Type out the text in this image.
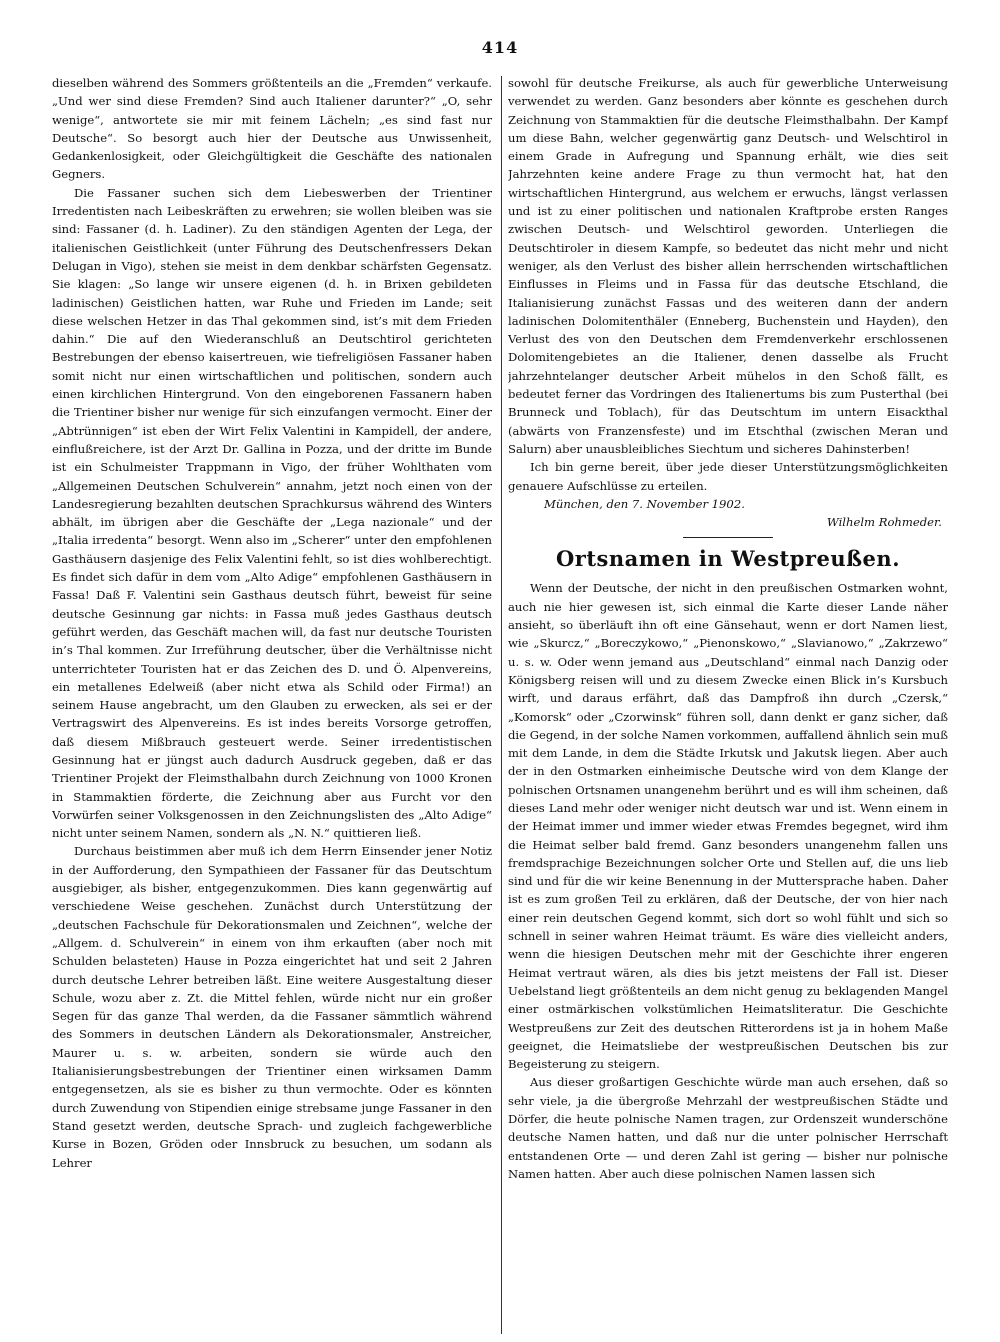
414

dieselben während des Sommers größtenteils an die „Fremden“ verkaufe. „Und wer sind diese Fremden? Sind auch Italiener darunter?“ „O, sehr wenige“, antwortete sie mir mit feinem Lächeln; „es sind fast nur Deutsche“. So besorgt auch hier der Deutsche aus Unwissenheit, Gedankenlosigkeit, oder Gleichgültigkeit die Geschäfte des nationalen Gegners.

Die Fassaner suchen sich dem Liebeswerben der Trientiner Irredentisten nach Leibeskräften zu erwehren; sie wollen bleiben was sie sind: Fassaner (d. h. Ladiner). Zu den ständigen Agenten der Lega, der italienischen Geistlichkeit (unter Führung des Deutschenfressers Dekan Delugan in Vigo), stehen sie meist in dem denkbar schärfsten Gegensatz. Sie klagen: „So lange wir unsere eigenen (d. h. in Brixen gebildeten ladinischen) Geistlichen hatten, war Ruhe und Frieden im Lande; seit diese welschen Hetzer in das Thal gekommen sind, ist’s mit dem Frieden dahin.“ Die auf den Wiederanschluß an Deutschtirol gerichteten Bestrebungen der ebenso kaisertreuen, wie tiefreligiösen Fassaner haben somit nicht nur einen wirtschaftlichen und politischen, sondern auch einen kirchlichen Hintergrund. Von den eingeborenen Fassanern haben die Trientiner bisher nur wenige für sich einzufangen vermocht. Einer der „Abtrünnigen“ ist eben der Wirt Felix Valentini in Kampidell, der andere, einflußreichere, ist der Arzt Dr. Gallina in Pozza, und der dritte im Bunde ist ein Schulmeister Trappmann in Vigo, der früher Wohlthaten vom „Allgemeinen Deutschen Schulverein“ annahm, jetzt noch einen von der Landesregierung bezahlten deutschen Sprachkursus während des Winters abhält, im übrigen aber die Geschäfte der „Lega nazionale“ und der „Italia irredenta“ besorgt. Wenn also im „Scherer“ unter den empfohlenen Gasthäusern dasjenige des Felix Valentini fehlt, so ist dies wohlberechtigt. Es findet sich dafür in dem vom „Alto Adige“ empfohlenen Gasthäusern in Fassa! Daß F. Valentini sein Gasthaus deutsch führt, beweist für seine deutsche Gesinnung gar nichts: in Fassa muß jedes Gasthaus deutsch geführt werden, das Geschäft machen will, da fast nur deutsche Touristen in’s Thal kommen. Zur Irreführung deutscher, über die Verhältnisse nicht unterrichteter Touristen hat er das Zeichen des D. und Ö. Alpenvereins, ein metallenes Edelweiß (aber nicht etwa als Schild oder Firma!) an seinem Hause angebracht, um den Glauben zu erwecken, als sei er der Vertragswirt des Alpenvereins. Es ist indes bereits Vorsorge getroffen, daß diesem Mißbrauch gesteuert werde. Seiner irredentistischen Gesinnung hat er jüngst auch dadurch Ausdruck gegeben, daß er das Trientiner Projekt der Fleimsthalbahn durch Zeichnung von 1000 Kronen in Stammaktien förderte, die Zeichnung aber aus Furcht vor den Vorwürfen seiner Volksgenossen in den Zeichnungslisten des „Alto Adige“ nicht unter seinem Namen, sondern als „N. N.“ quittieren ließ.

Durchaus beistimmen aber muß ich dem Herrn Einsender jener Notiz in der Aufforderung, den Sympathieen der Fassaner für das Deutschtum ausgiebiger, als bisher, entgegenzukommen. Dies kann gegenwärtig auf verschiedene Weise geschehen. Zunächst durch Unterstützung der „deutschen Fachschule für Dekorationsmalen und Zeichnen“, welche der „Allgem. d. Schulverein“ in einem von ihm erkauften (aber noch mit Schulden belasteten) Hause in Pozza eingerichtet hat und seit 2 Jahren durch deutsche Lehrer betreiben läßt. Eine weitere Ausgestaltung dieser Schule, wozu aber z. Zt. die Mittel fehlen, würde nicht nur ein großer Segen für das ganze Thal werden, da die Fassaner sämmtlich während des Sommers in deutschen Ländern als Dekorationsmaler, Anstreicher, Maurer u. s. w. arbeiten, sondern sie würde auch den Italianisierungsbestrebungen der Trientiner einen wirksamen Damm entgegensetzen, als sie es bisher zu thun vermochte. Oder es könnten durch Zuwendung von Stipendien einige strebsame junge Fassaner in den Stand gesetzt werden, deutsche Sprach- und zugleich fachgewerbliche Kurse in Bozen, Gröden oder Innsbruck zu besuchen, um sodann als Lehrer

sowohl für deutsche Freikurse, als auch für gewerbliche Unterweisung verwendet zu werden. Ganz besonders aber könnte es geschehen durch Zeichnung von Stammaktien für die deutsche Fleimsthalbahn. Der Kampf um diese Bahn, welcher gegenwärtig ganz Deutsch- und Welschtirol in einem Grade in Aufregung und Spannung erhält, wie dies seit Jahrzehnten keine andere Frage zu thun vermocht hat, hat den wirtschaftlichen Hintergrund, aus welchem er erwuchs, längst verlassen und ist zu einer politischen und nationalen Kraftprobe ersten Ranges zwischen Deutsch- und Welschtirol geworden. Unterliegen die Deutschtiroler in diesem Kampfe, so bedeutet das nicht mehr und nicht weniger, als den Verlust des bisher allein herrschenden wirtschaftlichen Einflusses in Fleims und in Fassa für das deutsche Etschland, die Italianisierung zunächst Fassas und des weiteren dann der andern ladinischen Dolomitenthäler (Enneberg, Buchenstein und Hayden), den Verlust des von den Deutschen dem Fremdenverkehr erschlossenen Dolomitengebietes an die Italiener, denen dasselbe als Frucht jahrzehntelanger deutscher Arbeit mühelos in den Schoß fällt, es bedeutet ferner das Vordringen des Italienertums bis zum Pusterthal (bei Brunneck und Toblach), für das Deutschtum im untern Eisackthal (abwärts von Franzensfeste) und im Etschthal (zwischen Meran und Salurn) aber unausbleibliches Siechtum und sicheres Dahinsterben!

Ich bin gerne bereit, über jede dieser Unterstützungsmöglichkeiten genauere Aufschlüsse zu erteilen.

München, den 7. November 1902.

Wilhelm Rohmeder.

Ortsnamen in Westpreußen.

Wenn der Deutsche, der nicht in den preußischen Ostmarken wohnt, auch nie hier gewesen ist, sich einmal die Karte dieser Lande näher ansieht, so überläuft ihn oft eine Gänsehaut, wenn er dort Namen liest, wie „Skurcz,“ „Boreczykowo,“ „Pienonskowo,“ „Slavianowo,“ „Zakrzewo“ u. s. w. Oder wenn jemand aus „Deutschland“ einmal nach Danzig oder Königsberg reisen will und zu diesem Zwecke einen Blick in’s Kursbuch wirft, und daraus erfährt, daß das Dampfroß ihn durch „Czersk,“ „Komorsk“ oder „Czorwinsk“ führen soll, dann denkt er ganz sicher, daß die Gegend, in der solche Namen vorkommen, auffallend ähnlich sein muß mit dem Lande, in dem die Städte Irkutsk und Jakutsk liegen. Aber auch der in den Ostmarken einheimische Deutsche wird von dem Klange der polnischen Ortsnamen unangenehm berührt und es will ihm scheinen, daß dieses Land mehr oder weniger nicht deutsch war und ist. Wenn einem in der Heimat immer und immer wieder etwas Fremdes begegnet, wird ihm die Heimat selber bald fremd. Ganz besonders unangenehm fallen uns fremdsprachige Bezeichnungen solcher Orte und Stellen auf, die uns lieb sind und für die wir keine Benennung in der Muttersprache haben. Daher ist es zum großen Teil zu erklären, daß der Deutsche, der von hier nach einer rein deutschen Gegend kommt, sich dort so wohl fühlt und sich so schnell in seiner wahren Heimat träumt. Es wäre dies vielleicht anders, wenn die hiesigen Deutschen mehr mit der Geschichte ihrer engeren Heimat vertraut wären, als dies bis jetzt meistens der Fall ist. Dieser Uebelstand liegt größtenteils an dem nicht genug zu beklagenden Mangel einer ostmärkischen volkstümlichen Heimatsliteratur. Die Geschichte Westpreußens zur Zeit des deutschen Ritterordens ist ja in hohem Maße geeignet, die Heimatsliebe der westpreußischen Deutschen bis zur Begeisterung zu steigern.

Aus dieser großartigen Geschichte würde man auch ersehen, daß so sehr viele, ja die übergroße Mehrzahl der westpreußischen Städte und Dörfer, die heute polnische Namen tragen, zur Ordenszeit wunderschöne deutsche Namen hatten, und daß nur die unter polnischer Herrschaft entstandenen Orte — und deren Zahl ist gering — bisher nur polnische Namen hatten. Aber auch diese polnischen Namen lassen sich
